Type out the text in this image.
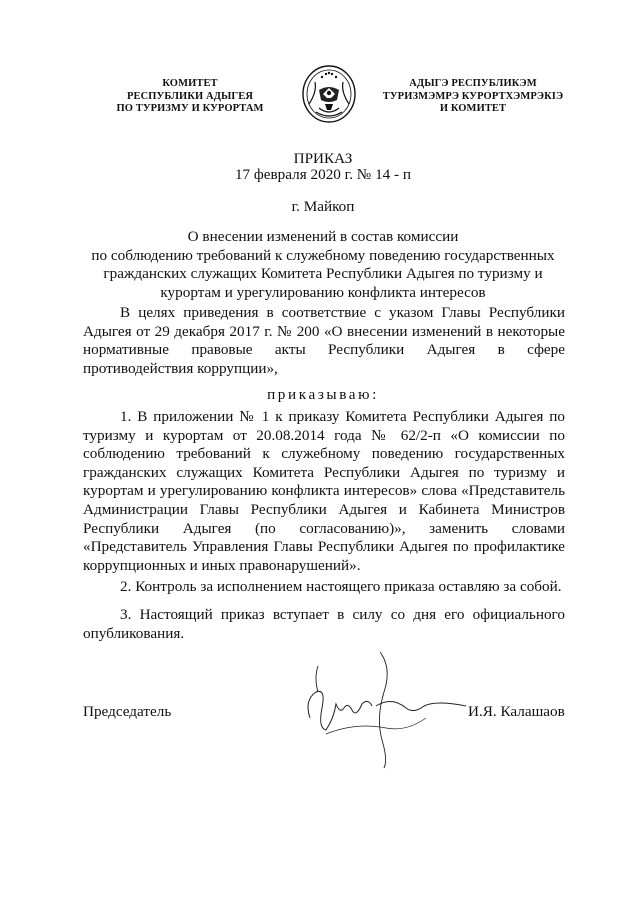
КОМИТЕТ
РЕСПУБЛИКИ АДЫГЕЯ
ПО ТУРИЗМУ И КУРОРТАМ
АДЫГЭ РЕСПУБЛИКЭМ
ТУРИЗМЭМРЭ КУРОРТХЭМРЭКIЭ
И КОМИТЕТ
ПРИКАЗ
17 февраля 2020 г. № 14 - п
г. Майкоп
О внесении изменений в состав комиссии
по соблюдению требований к служебному поведению государственных
гражданских служащих Комитета Республики Адыгея по туризму и
курортам и урегулированию конфликта интересов
В целях приведения в соответствие с указом Главы Республики Адыгея от 29 декабря 2017 г. № 200 «О внесении изменений в некоторые нормативные правовые акты Республики Адыгея в сфере противодействия коррупции»,
приказываю:
1. В приложении № 1 к приказу Комитета Республики Адыгея по туризму и курортам от 20.08.2014 года № 62/2-п «О комиссии по соблюдению требований к служебному поведению государственных гражданских служащих Комитета Республики Адыгея по туризму и курортам и урегулированию конфликта интересов» слова «Представитель Администрации Главы Республики Адыгея и Кабинета Министров Республики Адыгея (по согласованию)», заменить словами «Представитель Управления Главы Республики Адыгея по профилактике коррупционных и иных правонарушений».
2. Контроль за исполнением настоящего приказа оставляю за собой.
3. Настоящий приказ вступает в силу со дня его официального опубликования.
Председатель	И.Я. Калашаов
